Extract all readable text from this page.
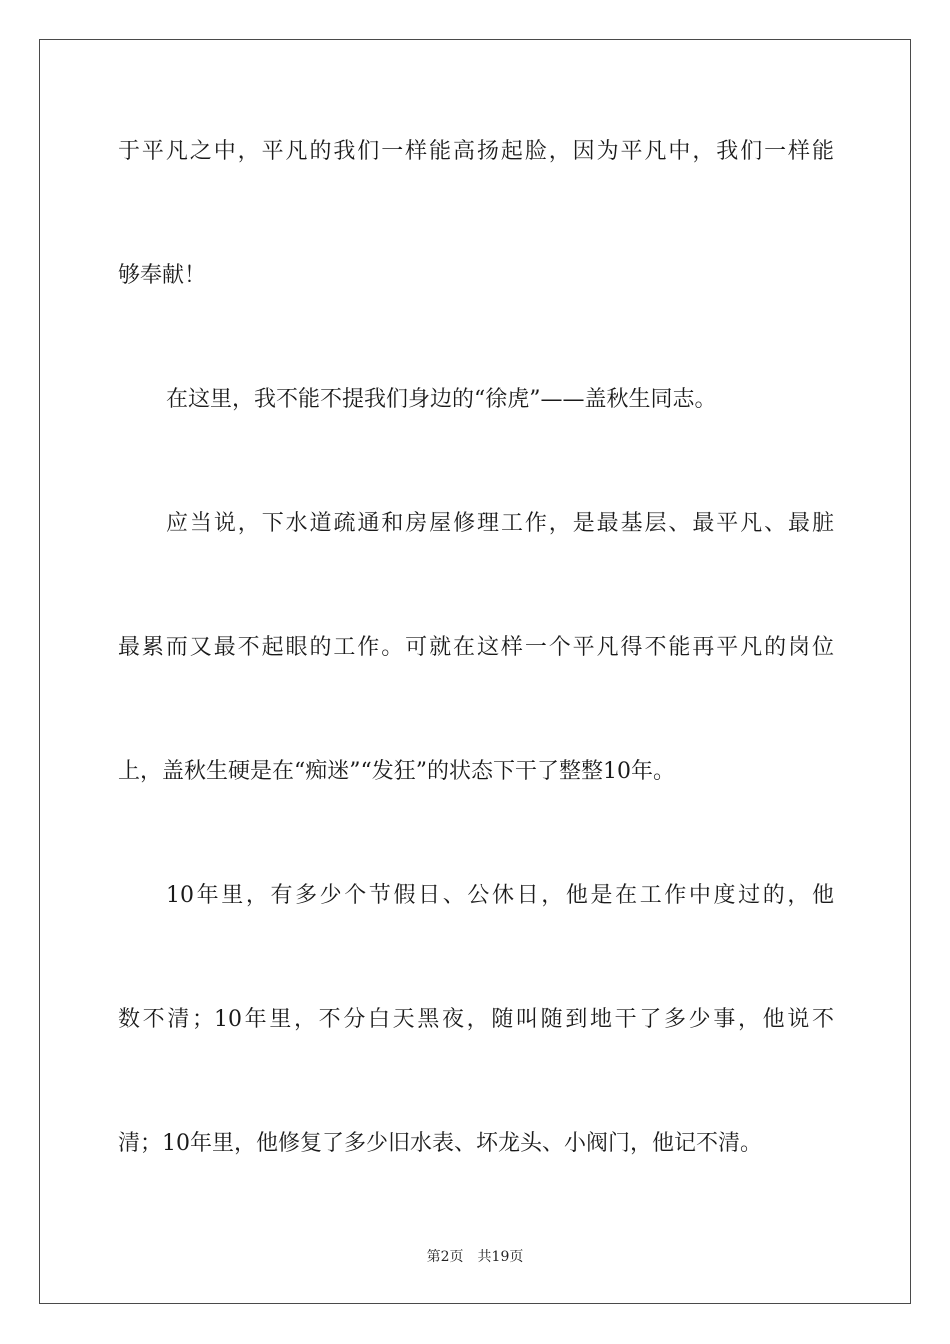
于平凡之中，平凡的我们一样能高扬起脸，因为平凡中，我们一样能
够奉献！
在这里，我不能不提我们身边的“徐虎”——盖秋生同志。
应当说，下水道疏通和房屋修理工作，是最基层、最平凡、最脏
最累而又最不起眼的工作。可就在这样一个平凡得不能再平凡的岗位
上，盖秋生硬是在“痴迷”“发狂”的状态下干了整整10年。
10年里，有多少个节假日、公休日，他是在工作中度过的，他
数不清；10年里，不分白天黑夜，随叫随到地干了多少事，他说不
清；10年里，他修复了多少旧水表、坏龙头、小阀门，他记不清。
第2页 共19页
